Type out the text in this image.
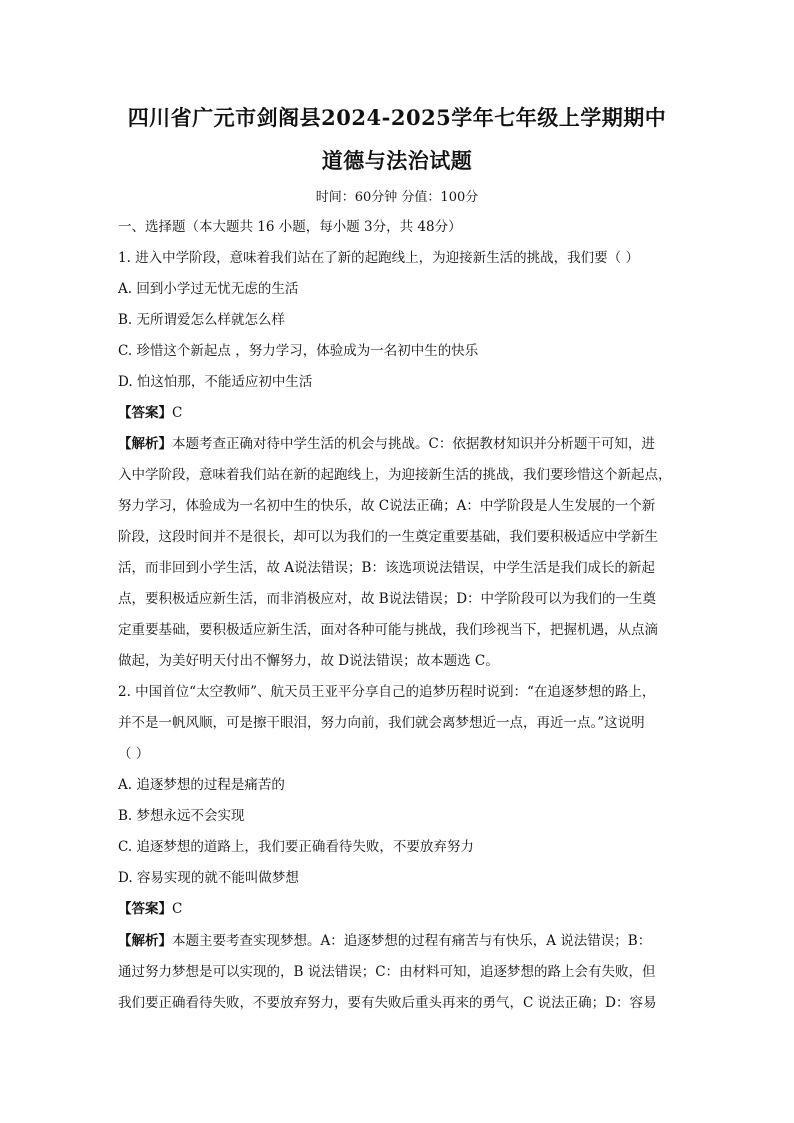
四川省广元市剑阁县2024-2025学年七年级上学期期中
道德与法治试题
时间：60分钟 分值：100分
一、选择题（本大题共 16 小题，每小题 3分，共 48分）
1. 进入中学阶段，意味着我们站在了新的起跑线上，为迎接新生活的挑战，我们要（ ）
A. 回到小学过无忧无虑的生活
B. 无所谓爱怎么样就怎么样
C. 珍惜这个新起点 ，努力学习，体验成为一名初中生的快乐
D. 怕这怕那，不能适应初中生活
【答案】C
【解析】本题考查正确对待中学生活的机会与挑战。C：依据教材知识并分析题干可知，进
入中学阶段，意味着我们站在新的起跑线上，为迎接新生活的挑战，我们要珍惜这个新起点，
努力学习，体验成为一名初中生的快乐，故 C说法正确；A：中学阶段是人生发展的一个新
阶段，这段时间并不是很长，却可以为我们的一生奠定重要基础，我们要积极适应中学新生
活，而非回到小学生活，故 A说法错误；B：该选项说法错误，中学生活是我们成长的新起
点，要积极适应新生活，而非消极应对，故 B说法错误；D：中学阶段可以为我们的一生奠
定重要基础，要积极适应新生活，面对各种可能与挑战，我们珍视当下，把握机遇，从点滴
做起，为美好明天付出不懈努力，故 D说法错误；故本题选 C。
2. 中国首位“太空教师”、航天员王亚平分享自己的追梦历程时说到：“在追逐梦想的路上，
并不是一帆风顺，可是擦干眼泪，努力向前，我们就会离梦想近一点，再近一点。”这说明
（ ）
A. 追逐梦想的过程是痛苦的
B. 梦想永远不会实现
C. 追逐梦想的道路上，我们要正确看待失败，不要放弃努力
D. 容易实现的就不能叫做梦想
【答案】C
【解析】本题主要考查实现梦想。A：追逐梦想的过程有痛苦与有快乐，A 说法错误；B：
通过努力梦想是可以实现的，B 说法错误；C：由材料可知，追逐梦想的路上会有失败，但
我们要正确看待失败，不要放弃努力，要有失败后重头再来的勇气，C 说法正确；D：容易
